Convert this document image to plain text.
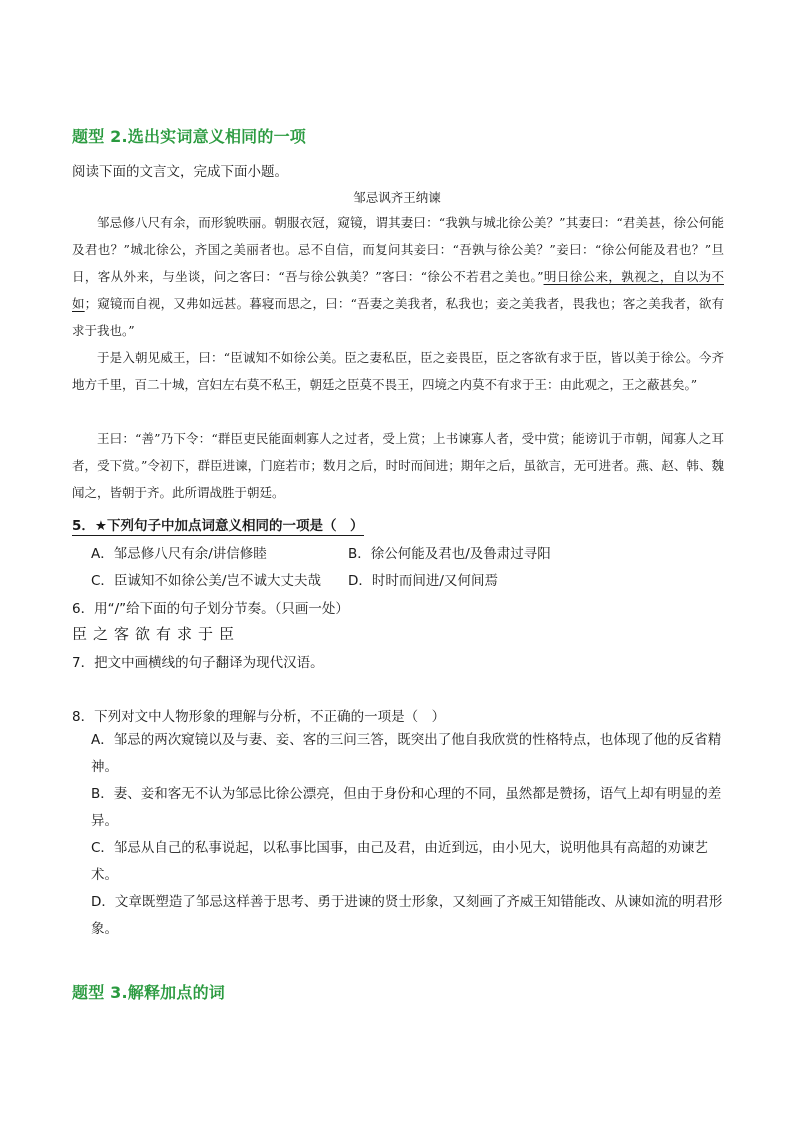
题型 2.选出实词意义相同的一项
阅读下面的文言文，完成下面小题。
邹忌讽齐王纳谏
邹忌修八尺有余，而形貌昳丽。朝服衣冠，窥镜，谓其妻曰：“我孰与城北徐公美？”其妻曰：“君美甚，徐公何能及君也？”城北徐公，齐国之美丽者也。忌不自信，而复问其妾曰：“吾孰与徐公美？”妾曰：“徐公何能及君也？”旦日，客从外来，与坐谈，问之客曰：“吾与徐公孰美？”客曰：“徐公不若君之美也。”明日徐公来，孰视之，自以为不如；窥镜而自视，又弗如远甚。暮寝而思之，曰：“吾妻之美我者，私我也；妾之美我者，畏我也；客之美我者，欲有求于我也。”
于是入朝见威王，曰：“臣诚知不如徐公美。臣之妻私臣，臣之妾畏臣，臣之客欲有求于臣，皆以美于徐公。今齐地方千里，百二十城，宫妇左右莫不私王，朝廷之臣莫不畏王，四境之内莫不有求于王：由此观之，王之蔽甚矣。”
王曰：“善”乃下令：“群臣吏民能面刺寡人之过者，受上赏；上书谏寡人者，受中赏；能谤讥于市朝，闻寡人之耳者，受下赏。”令初下，群臣进谏，门庭若市；数月之后，时时而间进；期年之后，虽欲言，无可进者。燕、赵、韩、魏闻之，皆朝于齐。此所谓战胜于朝廷。
5．★下列句子中加点词意义相同的一项是（　）
A．邹忌修八尺有余/讲信修睦	B．徐公何能及君也/及鲁肃过寻阳
C．臣诚知不如徐公美/岂不诚大丈夫哉 D．时时而间进/又何间焉
6．用“/”给下面的句子划分节奏。（只画一处）
臣之客欲有求于臣
7．把文中画横线的句子翻译为现代汉语。
8．下列对文中人物形象的理解与分析，不正确的一项是（　）
A．邹忌的两次窥镜以及与妻、妾、客的三问三答，既突出了他自我欣赏的性格特点，也体现了他的反省精神。
B．妻、妾和客无不认为邹忌比徐公漂亮，但由于身份和心理的不同，虽然都是赞扬，语气上却有明显的差异。
C．邹忌从自己的私事说起，以私事比国事，由己及君，由近到远，由小见大，说明他具有高超的劝谏艺术。
D．文章既塑造了邹忌这样善于思考、勇于进谏的贤士形象，又刻画了齐威王知错能改、从谏如流的明君形象。
题型 3.解释加点的词
